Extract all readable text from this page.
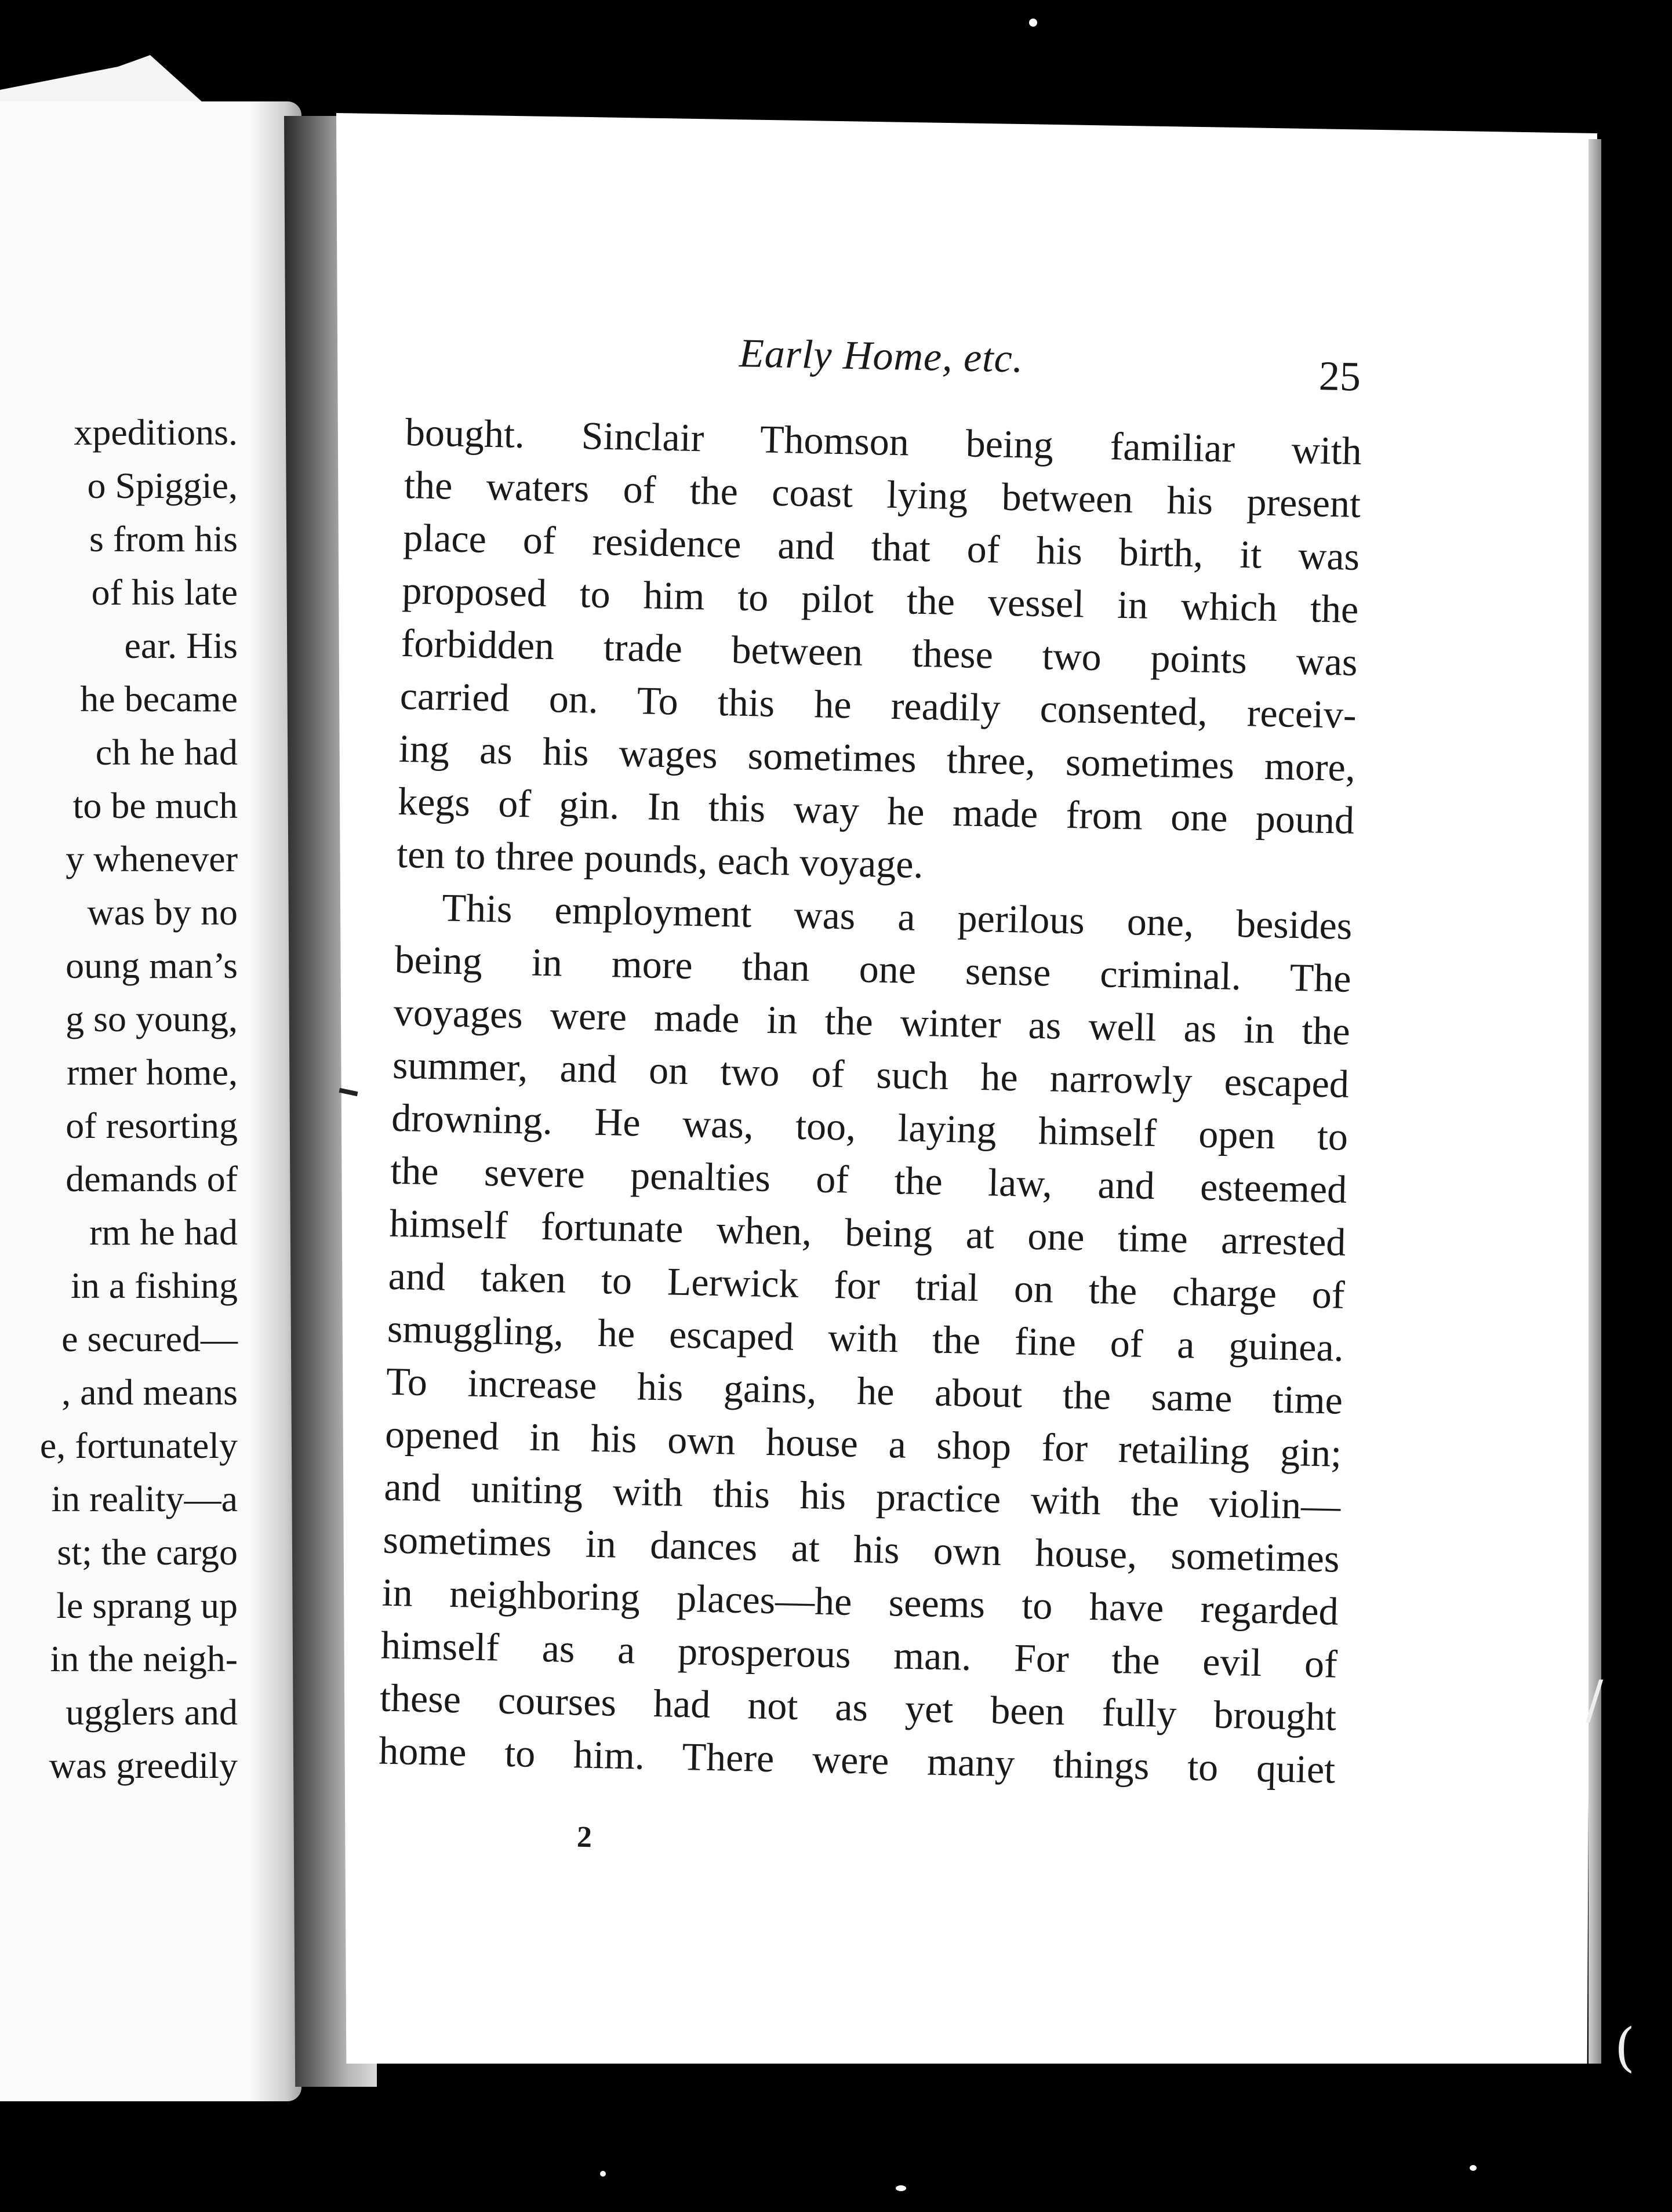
xpeditions.
o Spiggie,
s from his
of his late
ear. His
he became
ch he had
to be much
y whenever
was by no
oung man’s
g so young,
rmer home,
of resorting
demands of
rm he had
in a fishing
e secured—
, and means
e, fortunately
in reality—a
st; the cargo
le sprang up
in the neigh-
ugglers and
was greedily
Early Home, etc.	25
bought. Sinclair Thomson being familiar with
the waters of the coast lying between his present
place of residence and that of his birth, it was
proposed to him to pilot the vessel in which the
forbidden trade between these two points was
carried on. To this he readily consented, receiv-
ing as his wages sometimes three, sometimes more,
kegs of gin. In this way he made from one pound
ten to three pounds, each voyage.
This employment was a perilous one, besides
being in more than one sense criminal. The
voyages were made in the winter as well as in the
summer, and on two of such he narrowly escaped
drowning. He was, too, laying himself open to
the severe penalties of the law, and esteemed
himself fortunate when, being at one time arrested
and taken to Lerwick for trial on the charge of
smuggling, he escaped with the fine of a guinea.
To increase his gains, he about the same time
opened in his own house a shop for retailing gin;
and uniting with this his practice with the violin—
sometimes in dances at his own house, sometimes
in neighboring places—he seems to have regarded
himself as a prosperous man. For the evil of
these courses had not as yet been fully brought
home to him. There were many things to quiet
2
/
(
